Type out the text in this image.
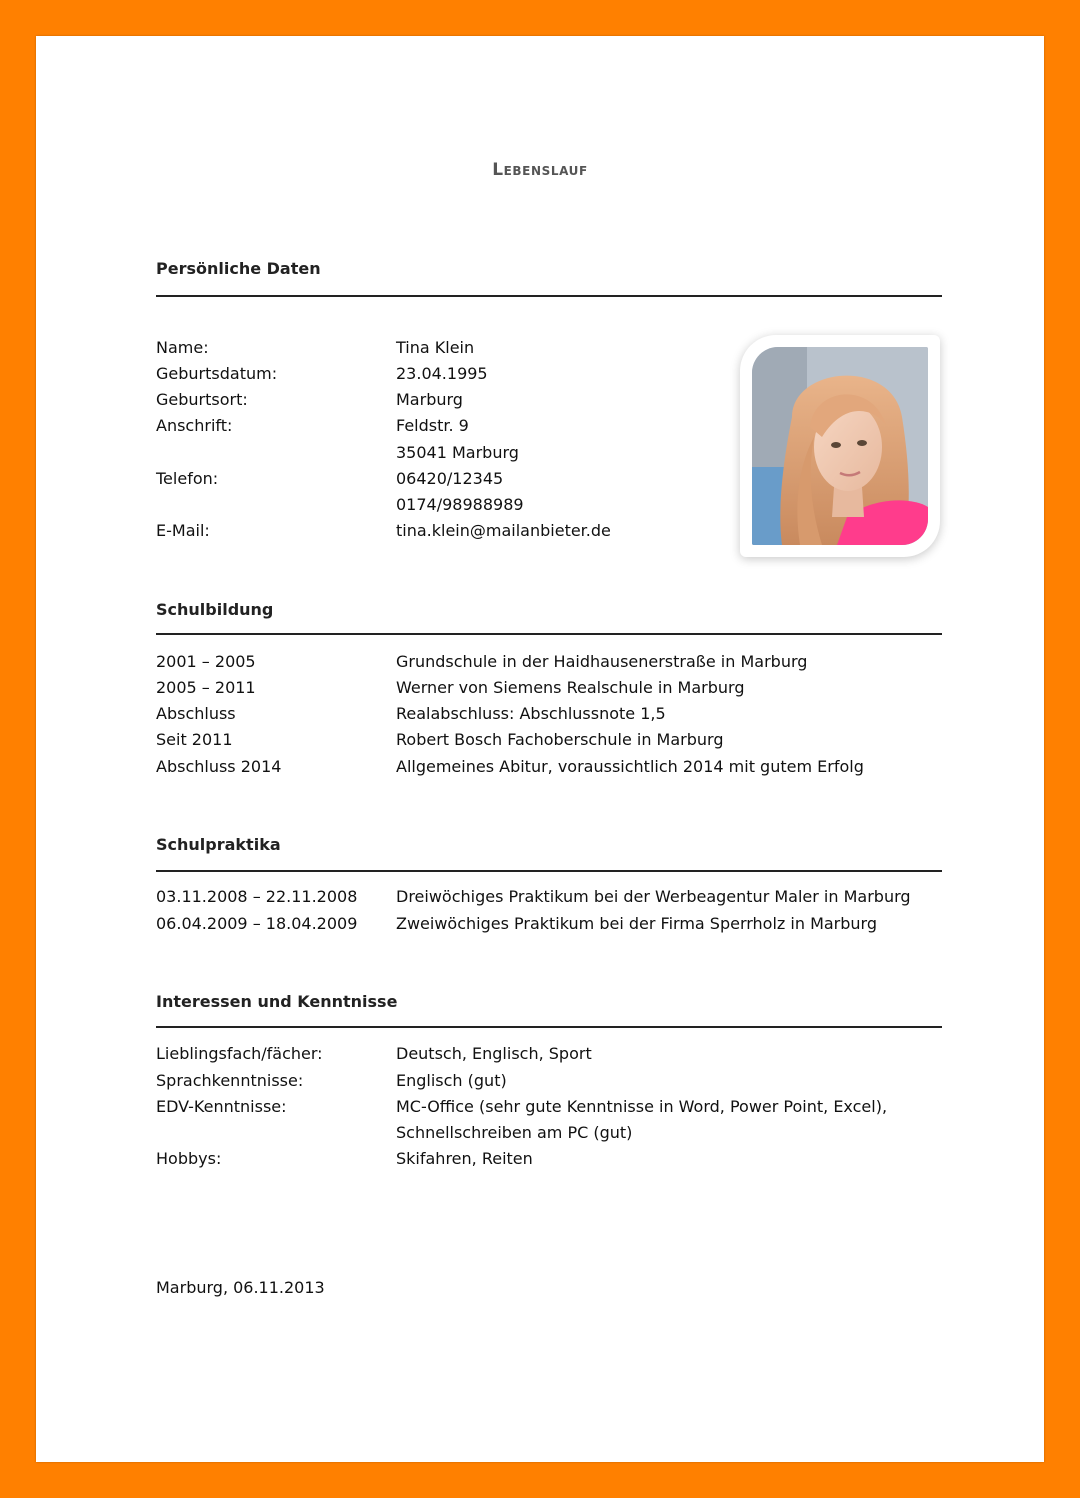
Lebenslauf
Persönliche Daten
Name:	Tina Klein
Geburtsdatum:	23.04.1995
Geburtsort:	Marburg
Anschrift:	Feldstr. 9
35041 Marburg
Telefon:	06420/12345
0174/98988989
E-Mail:	tina.klein@mailanbieter.de
Schulbildung
2001 – 2005	Grundschule in der Haidhausenerstraße in Marburg
2005 – 2011	Werner von Siemens Realschule in Marburg
Abschluss	Realabschluss: Abschlussnote 1,5
Seit 2011	Robert Bosch Fachoberschule in Marburg
Abschluss 2014	Allgemeines Abitur, voraussichtlich 2014 mit gutem Erfolg
Schulpraktika
03.11.2008 – 22.11.2008 Dreiwöchiges Praktikum bei der Werbeagentur Maler in Marburg
06.04.2009 – 18.04.2009 Zweiwöchiges Praktikum bei der Firma Sperrholz in Marburg
Interessen und Kenntnisse
Lieblingsfach/fächer:	Deutsch, Englisch, Sport
Sprachkenntnisse:	Englisch (gut)
EDV-Kenntnisse:	MC-Office (sehr gute Kenntnisse in Word, Power Point, Excel),
Schnellschreiben am PC (gut)
Hobbys:	Skifahren, Reiten
Marburg, 06.11.2013
